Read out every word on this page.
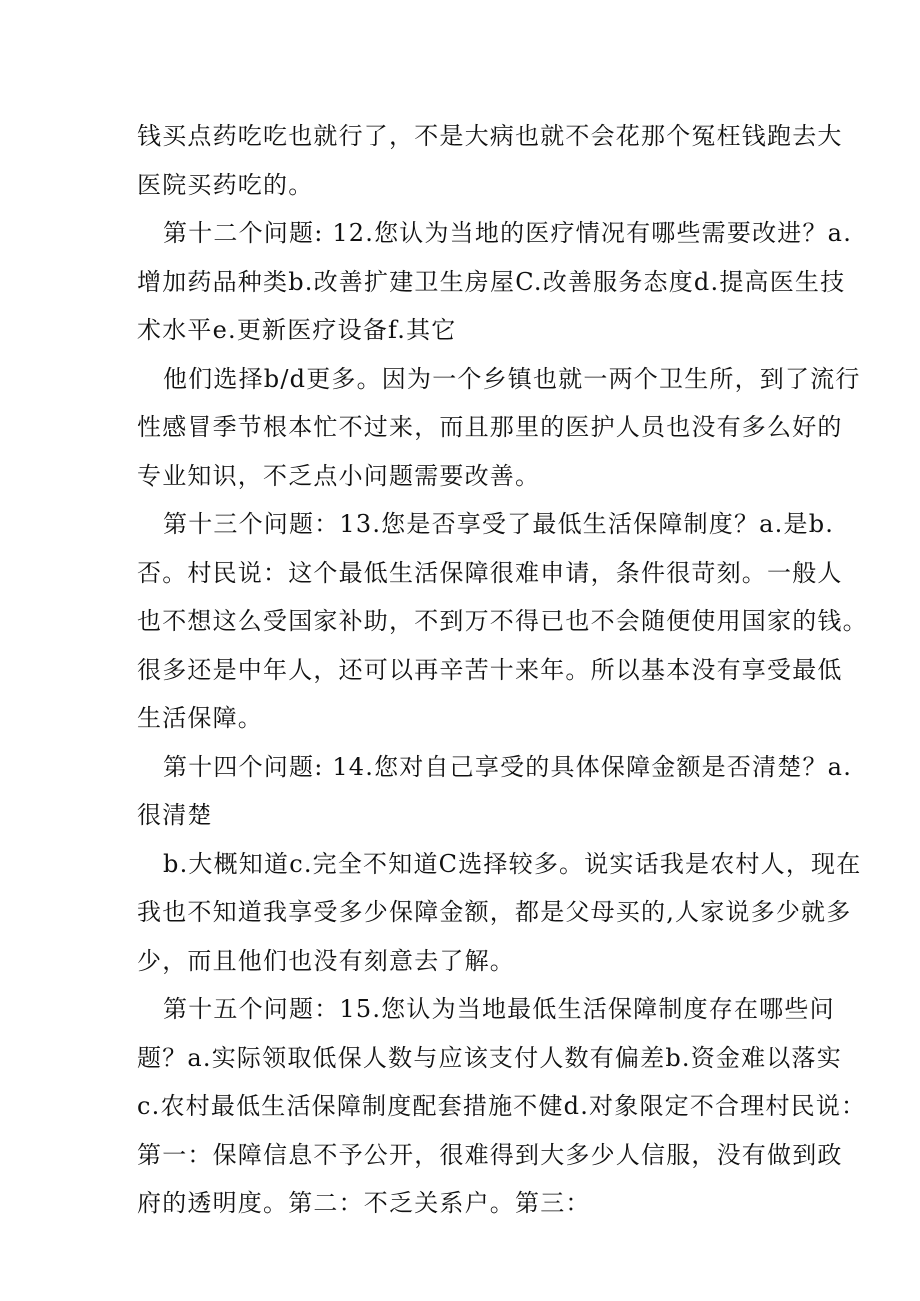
钱买点药吃吃也就行了，不是大病也就不会花那个冤枉钱跑去大
医院买药吃的。
第十二个问题: 12.您认为当地的医疗情况有哪些需要改进？a.
增加药品种类b.改善扩建卫生房屋C.改善服务态度d.提高医生技
术水平e.更新医疗设备f.其它
他们选择b/d更多。因为一个乡镇也就一两个卫生所，到了流行
性感冒季节根本忙不过来，而且那里的医护人员也没有多么好的
专业知识，不乏点小问题需要改善。
第十三个问题：13.您是否享受了最低生活保障制度？a.是b.
否。村民说：这个最低生活保障很难申请，条件很苛刻。一般人
也不想这么受国家补助，不到万不得已也不会随便使用国家的钱。
很多还是中年人，还可以再辛苦十来年。所以基本没有享受最低
生活保障。
第十四个问题: 14.您对自己享受的具体保障金额是否清楚？a.
很清楚
b.大概知道c.完全不知道C选择较多。说实话我是农村人，现在
我也不知道我享受多少保障金额，都是父母买的,人家说多少就多
少，而且他们也没有刻意去了解。
第十五个问题：15.您认为当地最低生活保障制度存在哪些问
题？a.实际领取低保人数与应该支付人数有偏差b.资金难以落实
c.农村最低生活保障制度配套措施不健d.对象限定不合理村民说：
第一：保障信息不予公开，很难得到大多少人信服，没有做到政
府的透明度。第二：不乏关系户。第三：
